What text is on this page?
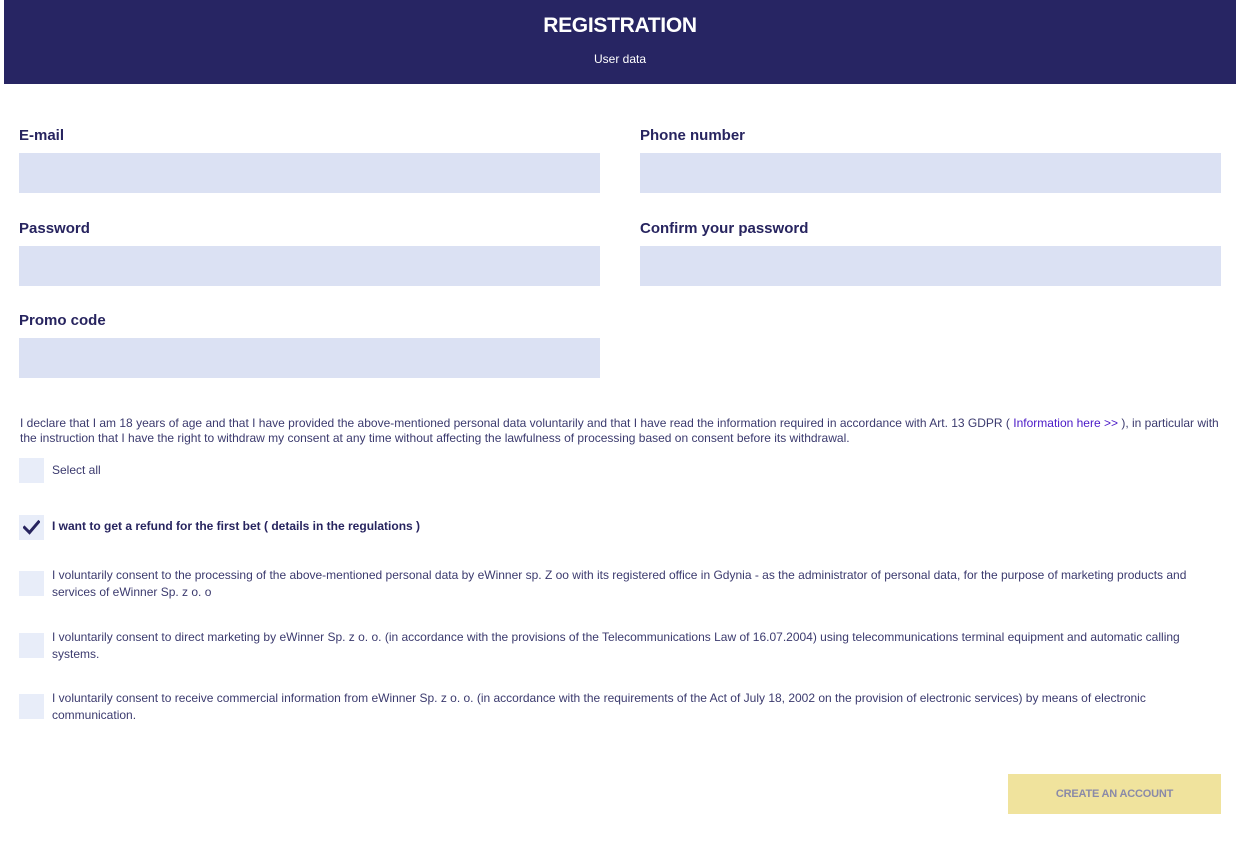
REGISTRATION
User data
E-mail	Phone number
Password	Confirm your password
Promo code
I declare that I am 18 years of age and that I have provided the above-mentioned personal data voluntarily and that I have read the information required in accordance with Art. 13 GDPR ( Information here >> ), in particular with the instruction that I have the right to withdraw my consent at any time without affecting the lawfulness of processing based on consent before its withdrawal.
Select all
I want to get a refund for the first bet ( details in the regulations )
I voluntarily consent to the processing of the above-mentioned personal data by eWinner sp. Z oo with its registered office in Gdynia - as the administrator of personal data, for the purpose of marketing products and services of eWinner Sp. z o. o
I voluntarily consent to direct marketing by eWinner Sp. z o. o. (in accordance with the provisions of the Telecommunications Law of 16.07.2004) using telecommunications terminal equipment and automatic calling systems.
I voluntarily consent to receive commercial information from eWinner Sp. z o. o. (in accordance with the requirements of the Act of July 18, 2002 on the provision of electronic services) by means of electronic communication.
CREATE AN ACCOUNT
